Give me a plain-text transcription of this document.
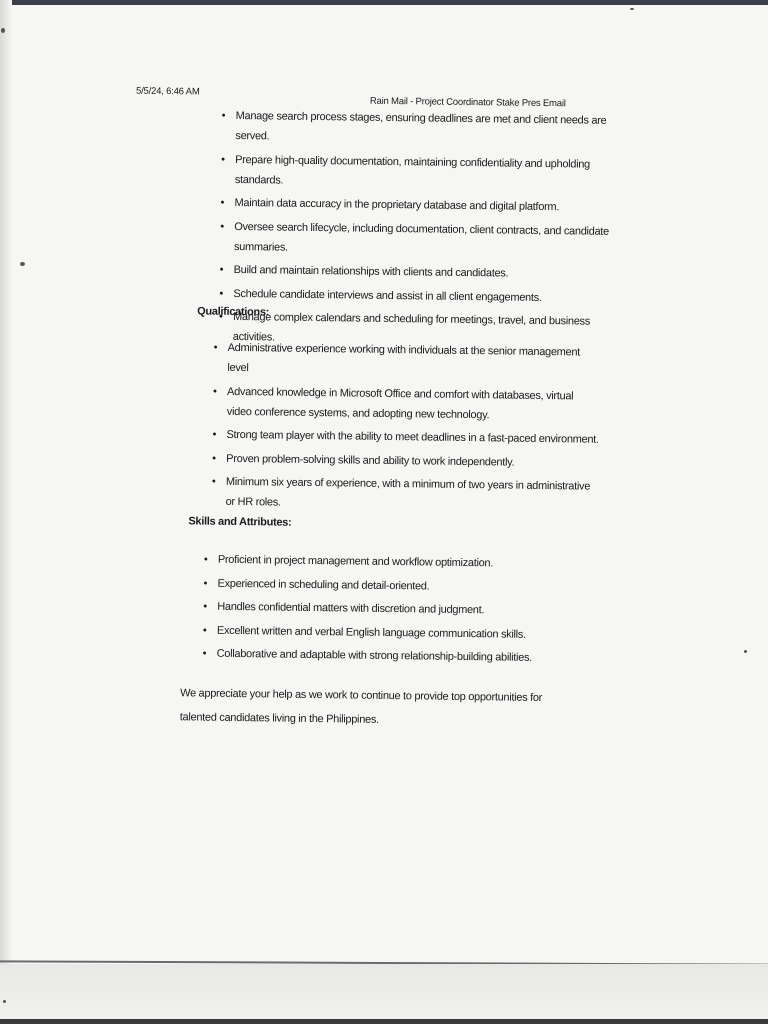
5/5/24, 6:46 AM
Rain Mail - Project Coordinator Stake Pres Email
• Manage search process stages, ensuring deadlines are met and client needs are served.
• Prepare high-quality documentation, maintaining confidentiality and upholding standards.
• Maintain data accuracy in the proprietary database and digital platform.
• Oversee search lifecycle, including documentation, client contracts, and candidate summaries.
• Build and maintain relationships with clients and candidates.
• Schedule candidate interviews and assist in all client engagements.
• Manage complex calendars and scheduling for meetings, travel, and business activities.
Qualifications:
• Administrative experience working with individuals at the senior management level
• Advanced knowledge in Microsoft Office and comfort with databases, virtual video conference systems, and adopting new technology.
• Strong team player with the ability to meet deadlines in a fast-paced environment.
• Proven problem-solving skills and ability to work independently.
• Minimum six years of experience, with a minimum of two years in administrative or HR roles.
Skills and Attributes:
• Proficient in project management and workflow optimization.
• Experienced in scheduling and detail-oriented.
• Handles confidential matters with discretion and judgment.
• Excellent written and verbal English language communication skills.
• Collaborative and adaptable with strong relationship-building abilities.
We appreciate your help as we work to continue to provide top opportunities for talented candidates living in the Philippines.
